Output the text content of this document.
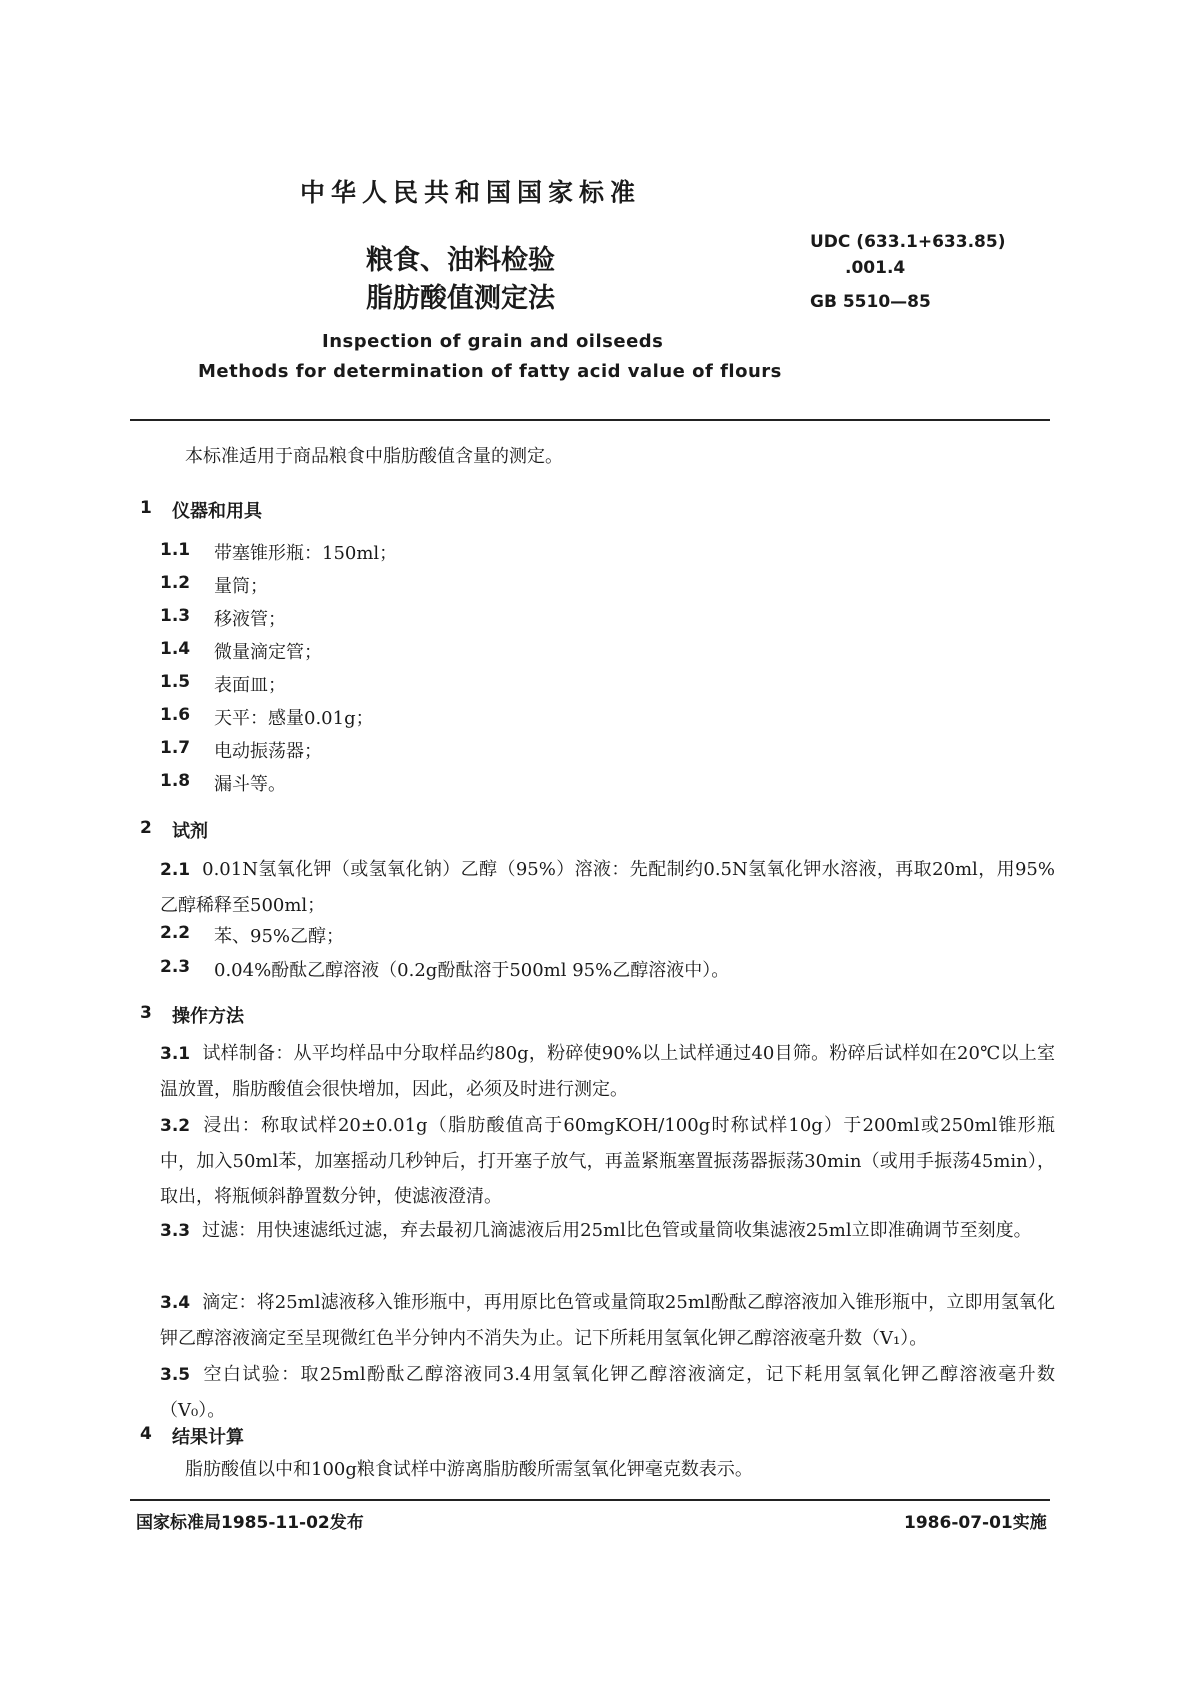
中华人民共和国国家标准
粮食、油料检验
脂肪酸值测定法
UDC (633.1+633.85)
.001.4
GB 5510—85
Inspection of grain and oilseeds
Methods for determination of fatty acid value of flours
本标准适用于商品粮食中脂肪酸值含量的测定。
1 仪器和用具
1.1 带塞锥形瓶：150ml；
1.2 量筒；
1.3 移液管；
1.4 微量滴定管；
1.5 表面皿；
1.6 天平：感量0.01g；
1.7 电动振荡器；
1.8 漏斗等。
2 试剂
2.1 0.01N氢氧化钾（或氢氧化钠）乙醇（95%）溶液：先配制约0.5N氢氧化钾水溶液，再取20ml，用95%乙醇稀释至500ml；
2.2 苯、95%乙醇；
2.3 0.04%酚酞乙醇溶液（0.2g酚酞溶于500ml 95%乙醇溶液中）。
3 操作方法
3.1 试样制备：从平均样品中分取样品约80g，粉碎使90%以上试样通过40目筛。粉碎后试样如在20℃以上室温放置，脂肪酸值会很快增加，因此，必须及时进行测定。
3.2 浸出：称取试样20±0.01g（脂肪酸值高于60mgKOH/100g时称试样10g）于200ml或250ml锥形瓶中，加入50ml苯，加塞摇动几秒钟后，打开塞子放气，再盖紧瓶塞置振荡器振荡30min（或用手振荡45min），取出，将瓶倾斜静置数分钟，使滤液澄清。
3.3 过滤：用快速滤纸过滤，弃去最初几滴滤液后用25ml比色管或量筒收集滤液25ml立即准确调节至刻度。
3.4 滴定：将25ml滤液移入锥形瓶中，再用原比色管或量筒取25ml酚酞乙醇溶液加入锥形瓶中，立即用氢氧化钾乙醇溶液滴定至呈现微红色半分钟内不消失为止。记下所耗用氢氧化钾乙醇溶液毫升数（V₁）。
3.5 空白试验：取25ml酚酞乙醇溶液同3.4用氢氧化钾乙醇溶液滴定，记下耗用氢氧化钾乙醇溶液毫升数（V₀）。
4 结果计算
脂肪酸值以中和100g粮食试样中游离脂肪酸所需氢氧化钾毫克数表示。
国家标准局1985-11-02发布	1986-07-01实施
